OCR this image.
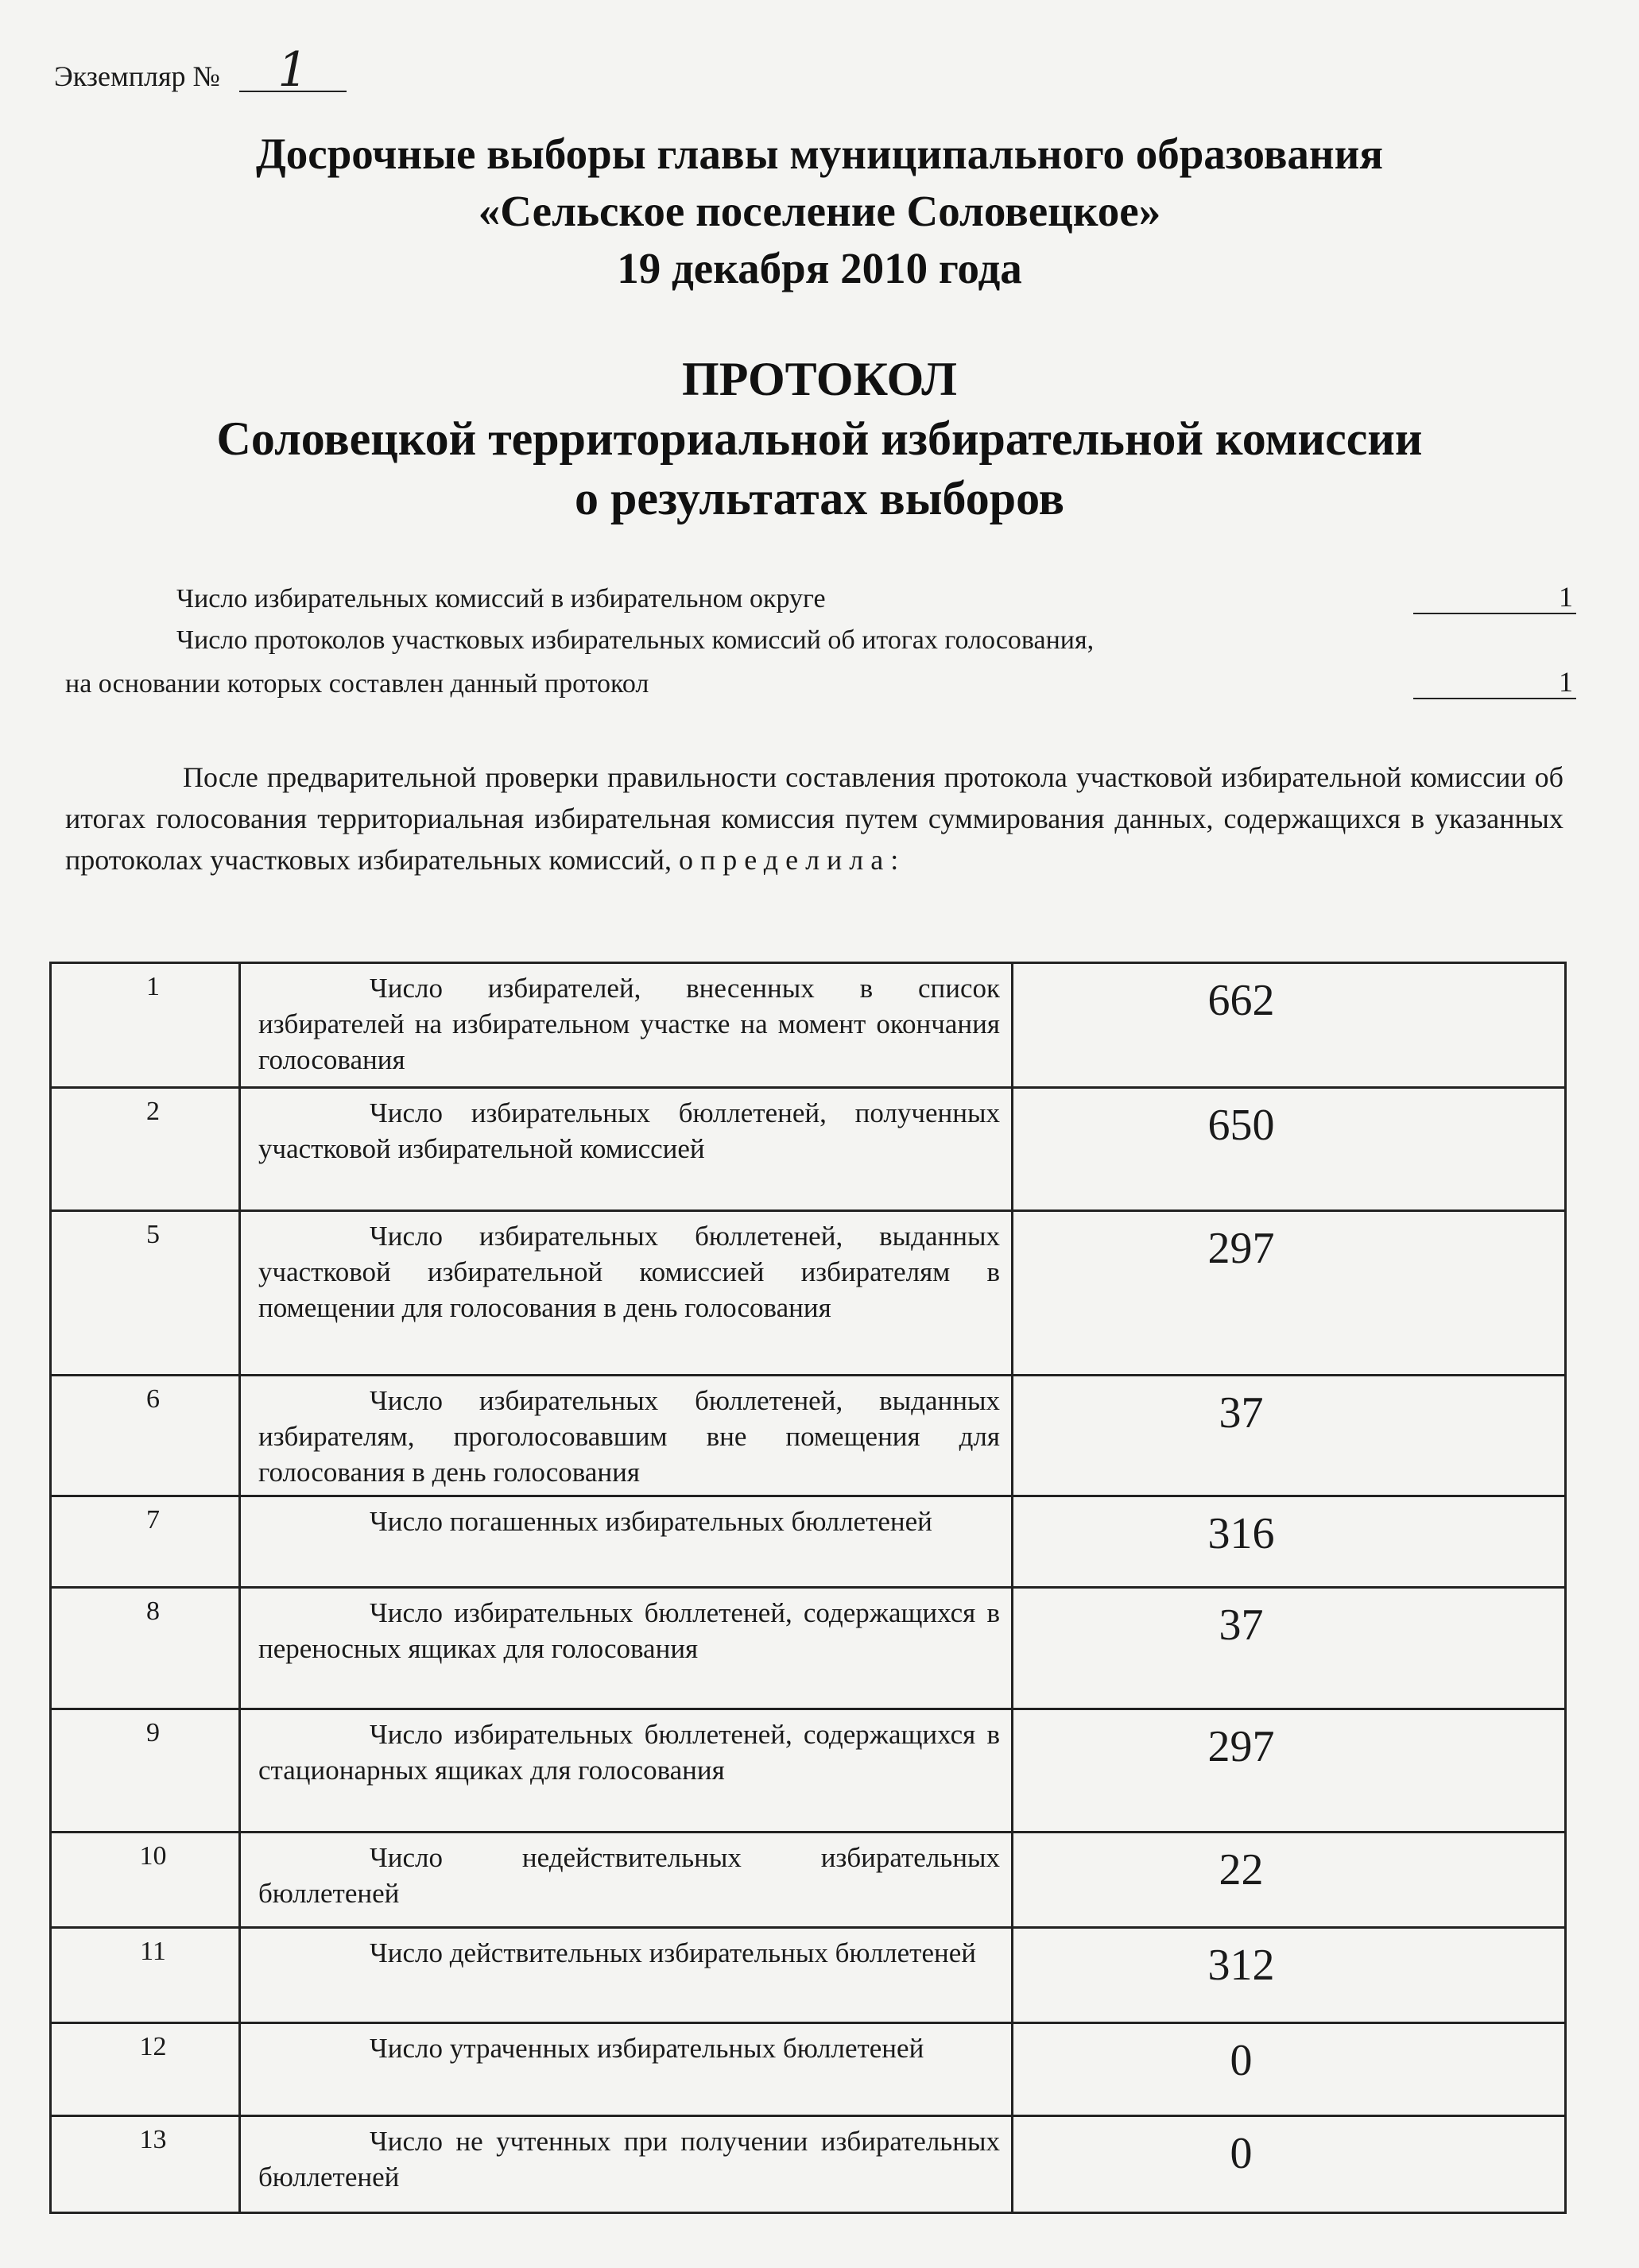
Экземпляр №	1
Досрочные выборы главы муниципального образования
«Сельское поселение Соловецкое»
19 декабря 2010 года
ПРОТОКОЛ
Соловецкой территориальной избирательной комиссии
о результатах выборов
Число избирательных комиссий в избирательном округе	1
Число протоколов участковых избирательных комиссий об итогах голосования,
на основании которых составлен данный протокол	1
После предварительной проверки правильности составления протокола участковой избирательной комиссии об итогах голосования территориальная избирательная комиссия путем суммирования данных, содержащихся в указанных протоколах участковых избирательных комиссий, определила:
1	Число избирателей, внесенных в список избирателей на избирательном участке на момент окончания голосования	662
2	Число избирательных бюллетеней, полученных участковой избирательной комиссией	650
5	Число избирательных бюллетеней, выданных участковой избирательной комиссией избирателям в помещении для голосования в день голосования	297
6	Число избирательных бюллетеней, выданных избирателям, проголосовавшим вне помещения для голосования в день голосования	37
7	Число погашенных избирательных бюллетеней	316
8	Число избирательных бюллетеней, содержащихся в переносных ящиках для голосования	37
9	Число избирательных бюллетеней, содержащихся в стационарных ящиках для голосования	297
10	Число недействительных избирательных бюллетеней	22
11	Число действительных избирательных бюллетеней	312
12	Число утраченных избирательных бюллетеней	0
13	Число не учтенных при получении избирательных бюллетеней	0
